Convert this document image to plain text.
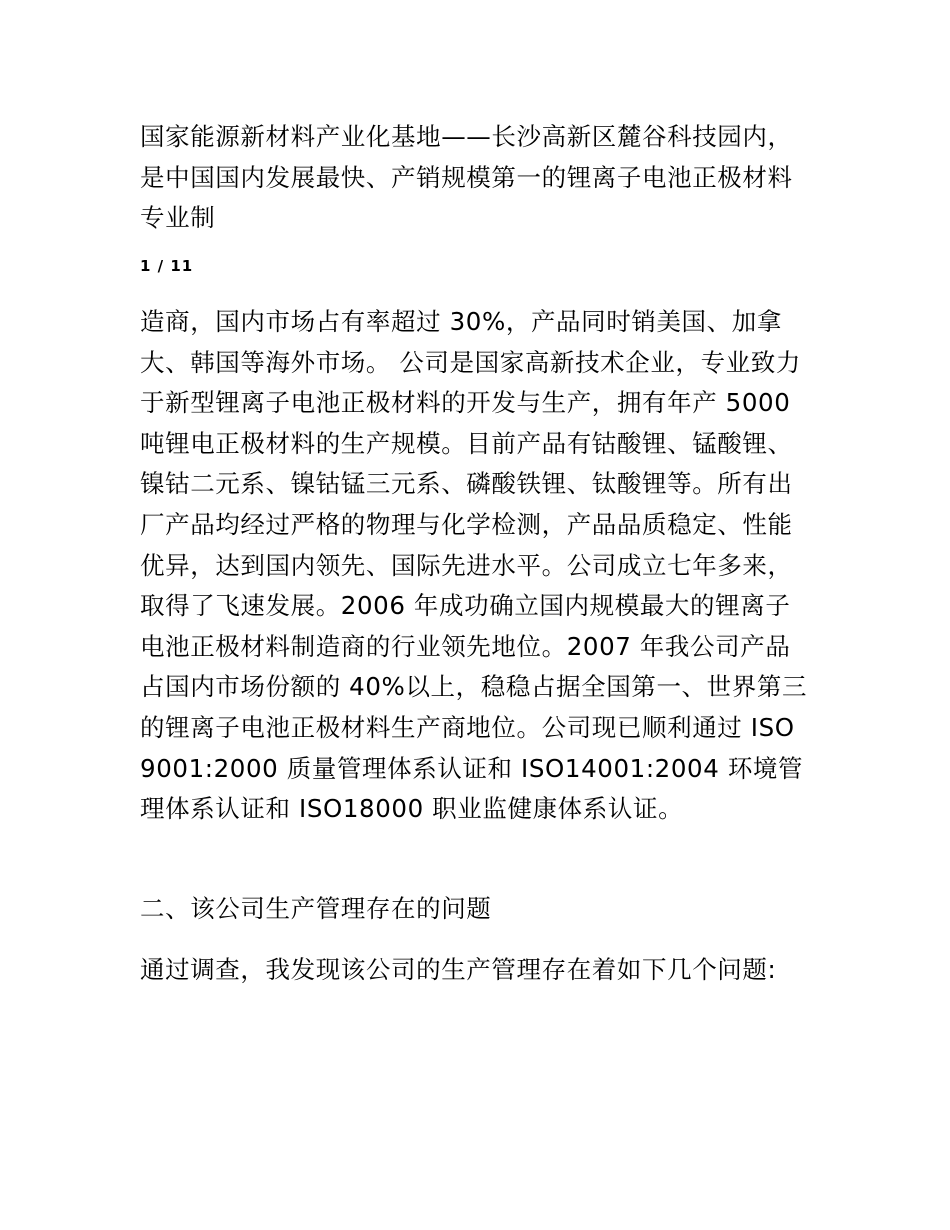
国家能源新材料产业化基地——长沙高新区麓谷科技园内，是中国国内发展最快、产销规模第一的锂离子电池正极材料专业制

1 / 11

造商，国内市场占有率超过 30%，产品同时销美国、加拿大、韩国等海外市场。 公司是国家高新技术企业，专业致力于新型锂离子电池正极材料的开发与生产，拥有年产 5000 吨锂电正极材料的生产规模。目前产品有钴酸锂、锰酸锂、镍钴二元系、镍钴锰三元系、磷酸铁锂、钛酸锂等。所有出厂产品均经过严格的物理与化学检测，产品品质稳定、性能优异，达到国内领先、国际先进水平。公司成立七年多来，取得了飞速发展。2006 年成功确立国内规模最大的锂离子电池正极材料制造商的行业领先地位。2007 年我公司产品占国内市场份额的 40%以上，稳稳占据全国第一、世界第三的锂离子电池正极材料生产商地位。公司现已顺利通过 ISO9001:2000 质量管理体系认证和 ISO14001:2004 环境管理体系认证和 ISO18000 职业监健康体系认证。

二、该公司生产管理存在的问题

通过调查，我发现该公司的生产管理存在着如下几个问题:
